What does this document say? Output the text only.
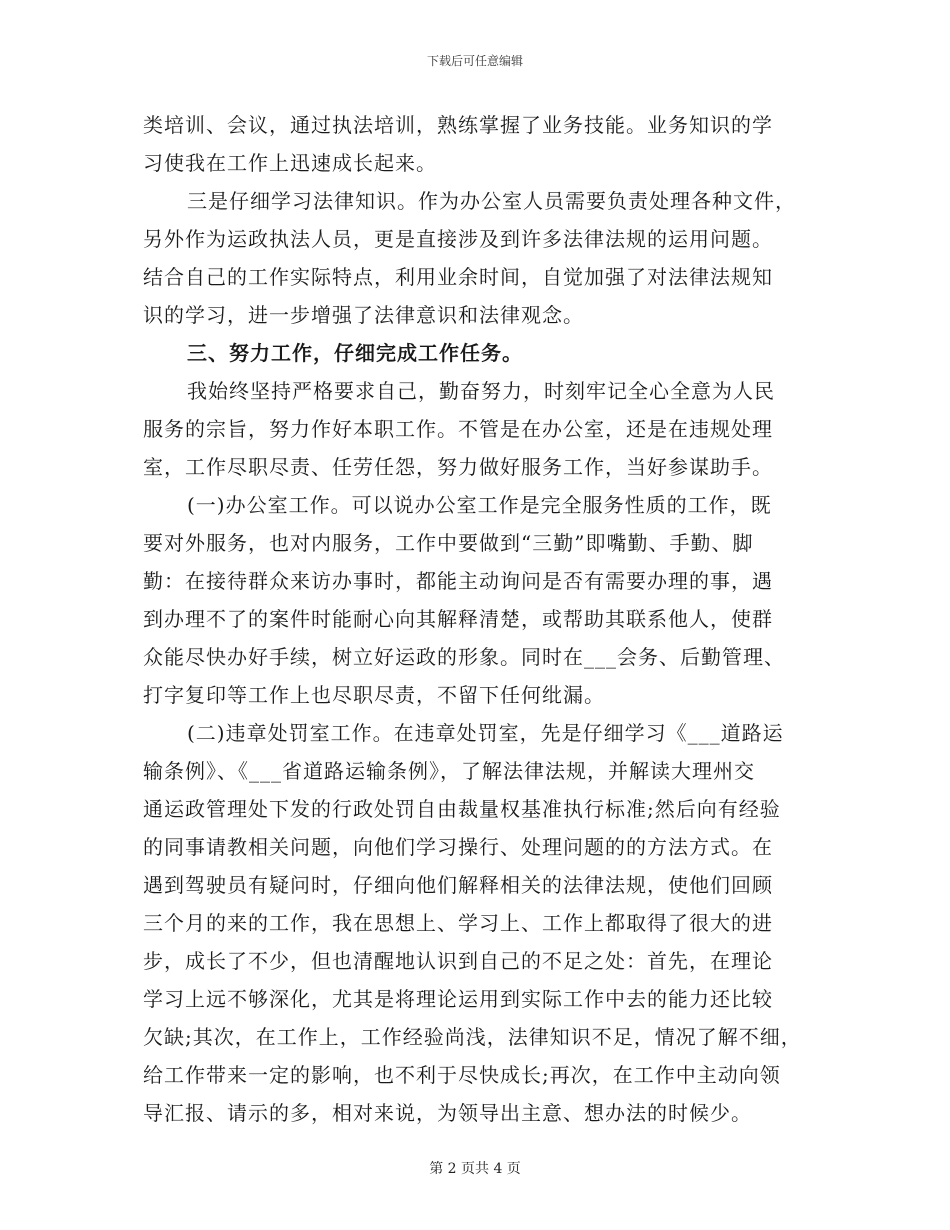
下载后可任意编辑
类培训、会议，通过执法培训，熟练掌握了业务技能。业务知识的学
习使我在工作上迅速成长起来。
三是仔细学习法律知识。作为办公室人员需要负责处理各种文件，
另外作为运政执法人员，更是直接涉及到许多法律法规的运用问题。
结合自己的工作实际特点，利用业余时间，自觉加强了对法律法规知
识的学习，进一步增强了法律意识和法律观念。
三、努力工作，仔细完成工作任务。
我始终坚持严格要求自己，勤奋努力，时刻牢记全心全意为人民
服务的宗旨，努力作好本职工作。不管是在办公室，还是在违规处理
室，工作尽职尽责、任劳任怨，努力做好服务工作，当好参谋助手。
(一)办公室工作。可以说办公室工作是完全服务性质的工作，既
要对外服务，也对内服务，工作中要做到“三勤”即嘴勤、手勤、脚
勤：在接待群众来访办事时，都能主动询问是否有需要办理的事，遇
到办理不了的案件时能耐心向其解释清楚，或帮助其联系他人，使群
众能尽快办好手续，树立好运政的形象。同时在___会务、后勤管理、
打字复印等工作上也尽职尽责，不留下任何纰漏。
(二)违章处罚室工作。在违章处罚室，先是仔细学习《___道路运
输条例》、《___省道路运输条例》，了解法律法规，并解读大理州交
通运政管理处下发的行政处罚自由裁量权基准执行标准;然后向有经验
的同事请教相关问题，向他们学习操行、处理问题的的方法方式。在
遇到驾驶员有疑问时，仔细向他们解释相关的法律法规，使他们回顾
三个月的来的工作，我在思想上、学习上、工作上都取得了很大的进
步，成长了不少，但也清醒地认识到自己的不足之处：首先，在理论
学习上远不够深化，尤其是将理论运用到实际工作中去的能力还比较
欠缺;其次，在工作上，工作经验尚浅，法律知识不足，情况了解不细，
给工作带来一定的影响，也不利于尽快成长;再次，在工作中主动向领
导汇报、请示的多，相对来说，为领导出主意、想办法的时候少。
第 2 页共 4 页
